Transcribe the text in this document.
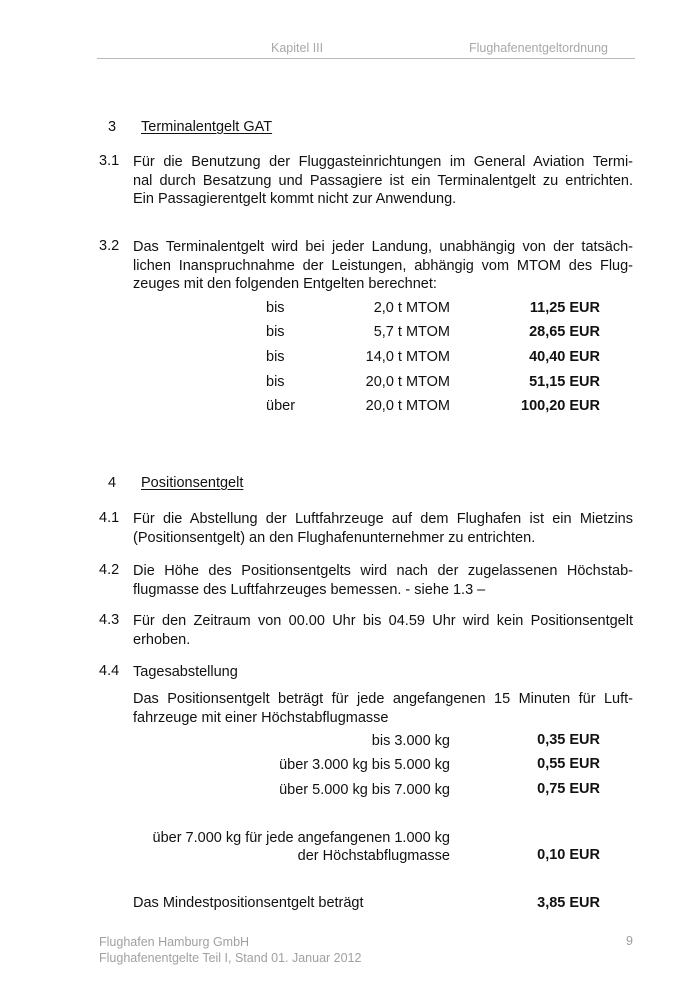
Kapitel III	Flughafenentgeltordnung
3 Terminalentgelt GAT
3.1 Für die Benutzung der Fluggasteinrichtungen im General Aviation Termi-
nal durch Besatzung und Passagiere ist ein Terminalentgelt zu entrichten.
Ein Passagierentgelt kommt nicht zur Anwendung.
3.2 Das Terminalentgelt wird bei jeder Landung, unabhängig von der tatsäch-
lichen Inanspruchnahme der Leistungen, abhängig vom MTOM des Flug-
zeuges mit den folgenden Entgelten berechnet:
bis	2,0 t MTOM	11,25 EUR
bis	5,7 t MTOM	28,65 EUR
bis	14,0 t MTOM	40,40 EUR
bis	20,0 t MTOM	51,15 EUR
über	20,0 t MTOM	100,20 EUR
4 Positionsentgelt
4.1 Für die Abstellung der Luftfahrzeuge auf dem Flughafen ist ein Mietzins
(Positionsentgelt) an den Flughafenunternehmer zu entrichten.
4.2 Die Höhe des Positionsentgelts wird nach der zugelassenen Höchstab-
flugmasse des Luftfahrzeuges bemessen. - siehe 1.3 –
4.3 Für den Zeitraum von 00.00 Uhr bis 04.59 Uhr wird kein Positionsentgelt
erhoben.
4.4 Tagesabstellung
Das Positionsentgelt beträgt für jede angefangenen 15 Minuten für Luft-
fahrzeuge mit einer Höchstabflugmasse
bis 3.000 kg	0,35 EUR
über 3.000 kg bis 5.000 kg	0,55 EUR
über 5.000 kg bis 7.000 kg	0,75 EUR
über 7.000 kg für jede angefangenen 1.000 kg
der Höchstabflugmasse	0,10 EUR
Das Mindestpositionsentgelt beträgt	3,85 EUR
Flughafen Hamburg GmbH
Flughafenentgelte Teil I, Stand 01. Januar 2012
9
